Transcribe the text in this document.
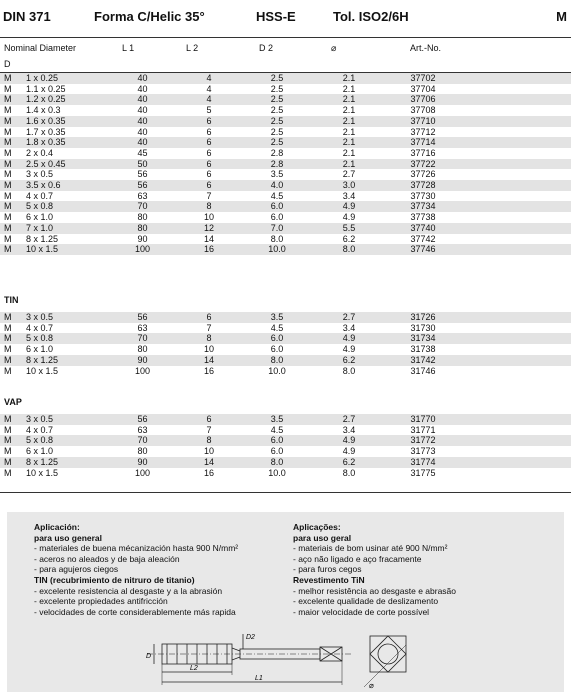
DIN 371	Forma C/Helic 35°	HSS-E	Tol. ISO2/6H	M
Nominal Diameter
D
L 1	L 2	D 2	⌀	Art.-No.
M	1 x 0.25	40	4	2.5	2.1	37702	
M	1.1 x 0.25	40	4	2.5	2.1	37704	
M	1.2 x 0.25	40	4	2.5	2.1	37706	
M	1.4 x 0.3	40	5	2.5	2.1	37708	
M	1.6 x 0.35	40	6	2.5	2.1	37710	
M	1.7 x 0.35	40	6	2.5	2.1	37712	
M	1.8 x 0.35	40	6	2.5	2.1	37714	
M	2 x 0.4	45	6	2.8	2.1	37716	
M	2.5 x 0.45	50	6	2.8	2.1	37722	
M	3 x 0.5	56	6	3.5	2.7	37726	
M	3.5 x 0.6	56	6	4.0	3.0	37728	
M	4 x 0.7	63	7	4.5	3.4	37730	
M	5 x 0.8	70	8	6.0	4.9	37734	
M	6 x 1.0	80	10	6.0	4.9	37738	
M	7 x 1.0	80	12	7.0	5.5	37740	
M	8 x 1.25	90	14	8.0	6.2	37742	
M	10 x 1.5	100	16	10.0	8.0	37746	
TIN
M	3 x 0.5	56	6	3.5	2.7	31726	
M	4 x 0.7	63	7	4.5	3.4	31730	
M	5 x 0.8	70	8	6.0	4.9	31734	
M	6 x 1.0	80	10	6.0	4.9	31738	
M	8 x 1.25	90	14	8.0	6.2	31742	
M	10 x 1.5	100	16	10.0	8.0	31746	
VAP
M	3 x 0.5	56	6	3.5	2.7	31770	
M	4 x 0.7	63	7	4.5	3.4	31771	
M	5 x 0.8	70	8	6.0	4.9	31772	
M	6 x 1.0	80	10	6.0	4.9	31773	
M	8 x 1.25	90	14	8.0	6.2	31774	
M	10 x 1.5	100	16	10.0	8.0	31775	
Aplicación:
para uso general
- materiales de buena mécanización hasta 900 N/mm²
- aceros no aleados y de baja aleación
- para agujeros ciegos
TIN (recubrimiento de nitruro de titanio)
- excelente resistencia al desgaste y a la abrasión
- excelente propiedades antifricción
- velocidades de corte considerablemente más rapida
Aplicações:
para uso geral
- materiais de bom usinar até 900 N/mm²
- aço não ligado e aço fracamente
- para furos cegos
Revestimento TiN
- melhor resistência ao desgaste e abrasão
- excelente qualidade de deslizamento
- maior velocidade de corte possível
D
D2
L2
L1
⌀
